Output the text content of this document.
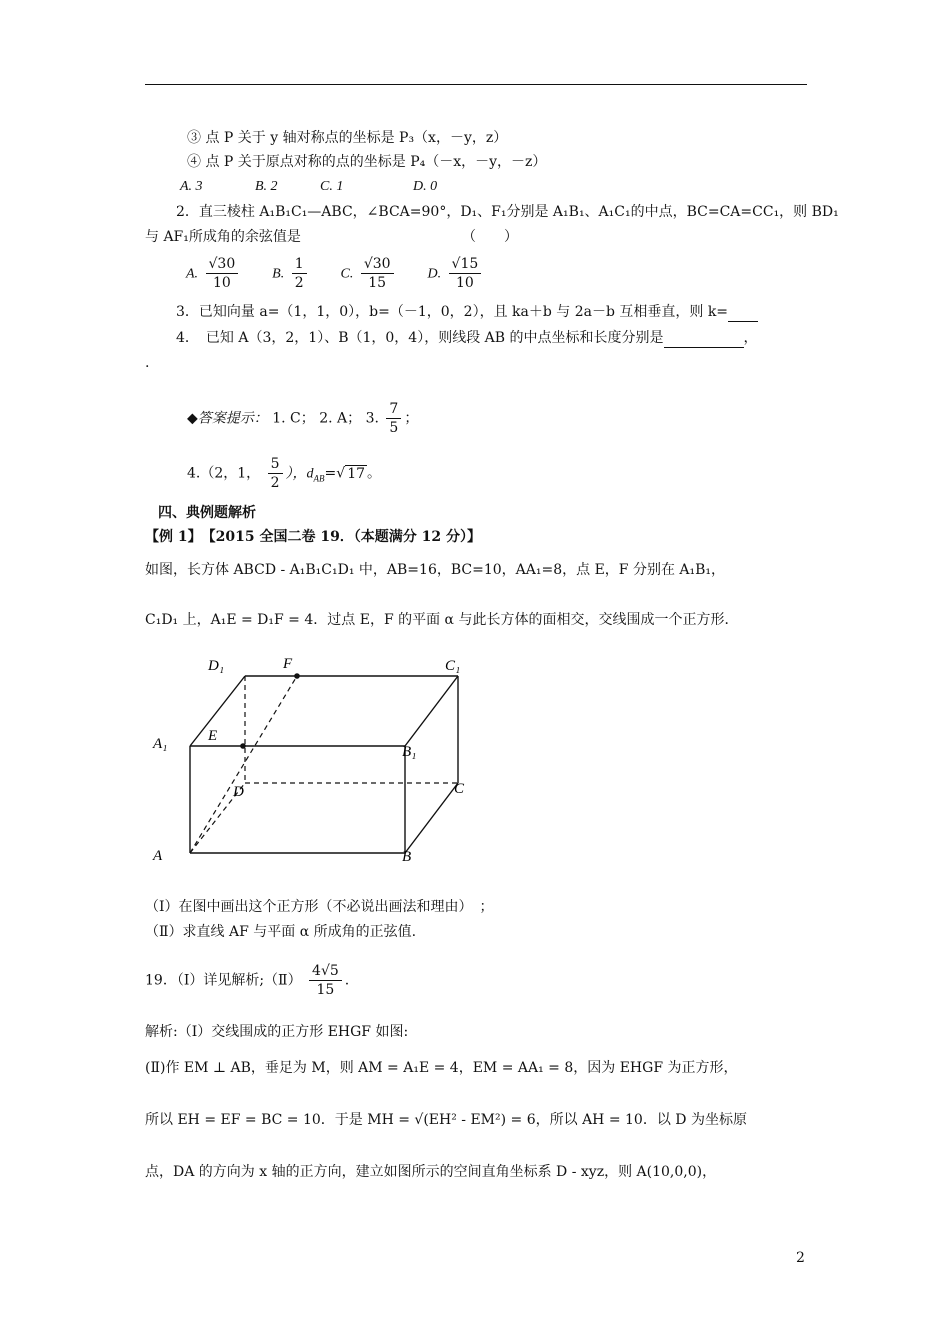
③ 点 P 关于 y 轴对称点的坐标是 P₃（x，－y，z）
④ 点 P 关于原点对称的点的坐标是 P₄（－x，－y，－z）
A. 3	B. 2	C. 1	D. 0
2．直三棱柱 A₁B₁C₁—ABC，∠BCA=90°，D₁、F₁分别是 A₁B₁、A₁C₁的中点，BC=CA=CC₁，则 BD₁
与 AF₁所成角的余弦值是	（　　）
A. $\frac{√30}{10} B$. $\frac{1}{2} C$. $\frac{√30}{15} D$. $\frac{√15}{10}$
3．已知向量 a=（1，1，0），b=（－1，0，2），且 ka＋b 与 2a－b 互相垂直，则 k=
4．　已知 A（3，2，1）、B（1，0，4），则线段 AB 的中点坐标和长度分别是	，
.
◆答案提示： 1. C； 2. A； 3. $\frac{7}{5}$ ；
4.（2，1， $\frac{5}{2}$ ），$d_{AB}=√$ 17 。
四、典例题解析
【例 1】　【2015 全国二卷 19．（本题满分 12 分）】
如图，长方体 ABCD - A₁B₁C₁D₁ 中，AB=16，BC=10，AA₁=8，点 E，F 分别在 A₁B₁，
C₁D₁ 上，A₁E = D₁F = 4．过点 E，F 的平面 α 与此长方体的面相交，交线围成一个正方形．
D₁	F	C₁
A₁	E
B₁
D	C
A	B
（Ⅰ）在图中画出这个正方形（不必说出画法和理由）　；
（Ⅱ）求直线 AF 与平面 α 所成角的正弦值.
19．（Ⅰ）详见解析;（Ⅱ） $\frac{4√5}{15}$ .
解析:（Ⅰ）交线围成的正方形 EHGF 如图:
(Ⅱ)作 EM ⊥ AB，垂足为 M，则 AM = A₁E = 4，EM = AA₁ = 8，因为 EHGF 为正方形，
所以 EH = EF = BC = 10．于是 MH = √(EH² - EM²) = 6，所以 AH = 10．以 D 为坐标原
点，DA 的方向为 x 轴的正方向，建立如图所示的空间直角坐标系 D - xyz，则 A(10,0,0)，
2
